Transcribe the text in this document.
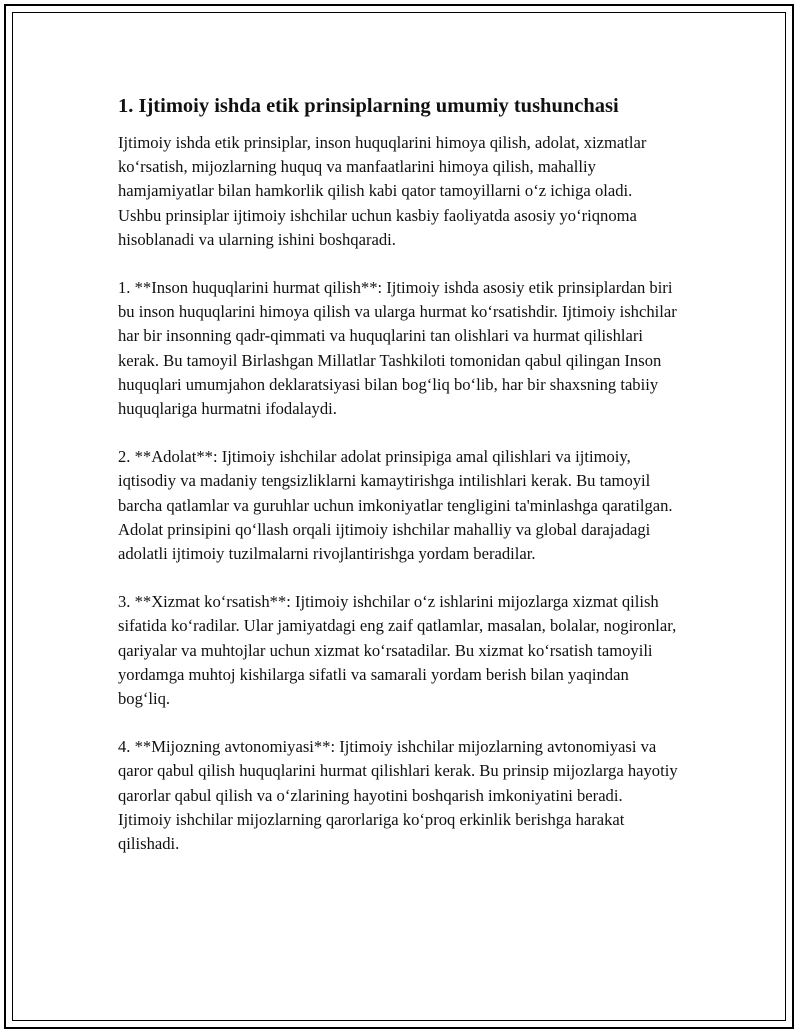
1. Ijtimoiy ishda etik prinsiplarning umumiy tushunchasi

Ijtimoiy ishda etik prinsiplar, inson huquqlarini himoya qilish, adolat, xizmatlar ko‘rsatish, mijozlarning huquq va manfaatlarini himoya qilish, mahalliy hamjamiyatlar bilan hamkorlik qilish kabi qator tamoyillarni o‘z ichiga oladi. Ushbu prinsiplar ijtimoiy ishchilar uchun kasbiy faoliyatda asosiy yo‘riqnoma hisoblanadi va ularning ishini boshqaradi.

1. **Inson huquqlarini hurmat qilish**: Ijtimoiy ishda asosiy etik prinsiplardan biri bu inson huquqlarini himoya qilish va ularga hurmat ko‘rsatishdir. Ijtimoiy ishchilar har bir insonning qadr-qimmati va huquqlarini tan olishlari va hurmat qilishlari kerak. Bu tamoyil Birlashgan Millatlar Tashkiloti tomonidan qabul qilingan Inson huquqlari umumjahon deklaratsiyasi bilan bog‘liq bo‘lib, har bir shaxsning tabiiy huquqlariga hurmatni ifodalaydi.

2. **Adolat**: Ijtimoiy ishchilar adolat prinsipiga amal qilishlari va ijtimoiy, iqtisodiy va madaniy tengsizliklarni kamaytirishga intilishlari kerak. Bu tamoyil barcha qatlamlar va guruhlar uchun imkoniyatlar tengligini ta'minlashga qaratilgan. Adolat prinsipini qo‘llash orqali ijtimoiy ishchilar mahalliy va global darajadagi adolatli ijtimoiy tuzilmalarni rivojlantirishga yordam beradilar.

3. **Xizmat ko‘rsatish**: Ijtimoiy ishchilar o‘z ishlarini mijozlarga xizmat qilish sifatida ko‘radilar. Ular jamiyatdagi eng zaif qatlamlar, masalan, bolalar, nogironlar, qariyalar va muhtojlar uchun xizmat ko‘rsatadilar. Bu xizmat ko‘rsatish tamoyili yordamga muhtoj kishilarga sifatli va samarali yordam berish bilan yaqindan bog‘liq.

4. **Mijozning avtonomiyasi**: Ijtimoiy ishchilar mijozlarning avtonomiyasi va qaror qabul qilish huquqlarini hurmat qilishlari kerak. Bu prinsip mijozlarga hayotiy qarorlar qabul qilish va o‘zlarining hayotini boshqarish imkoniyatini beradi. Ijtimoiy ishchilar mijozlarning qarorlariga ko‘proq erkinlik berishga harakat qilishadi.
